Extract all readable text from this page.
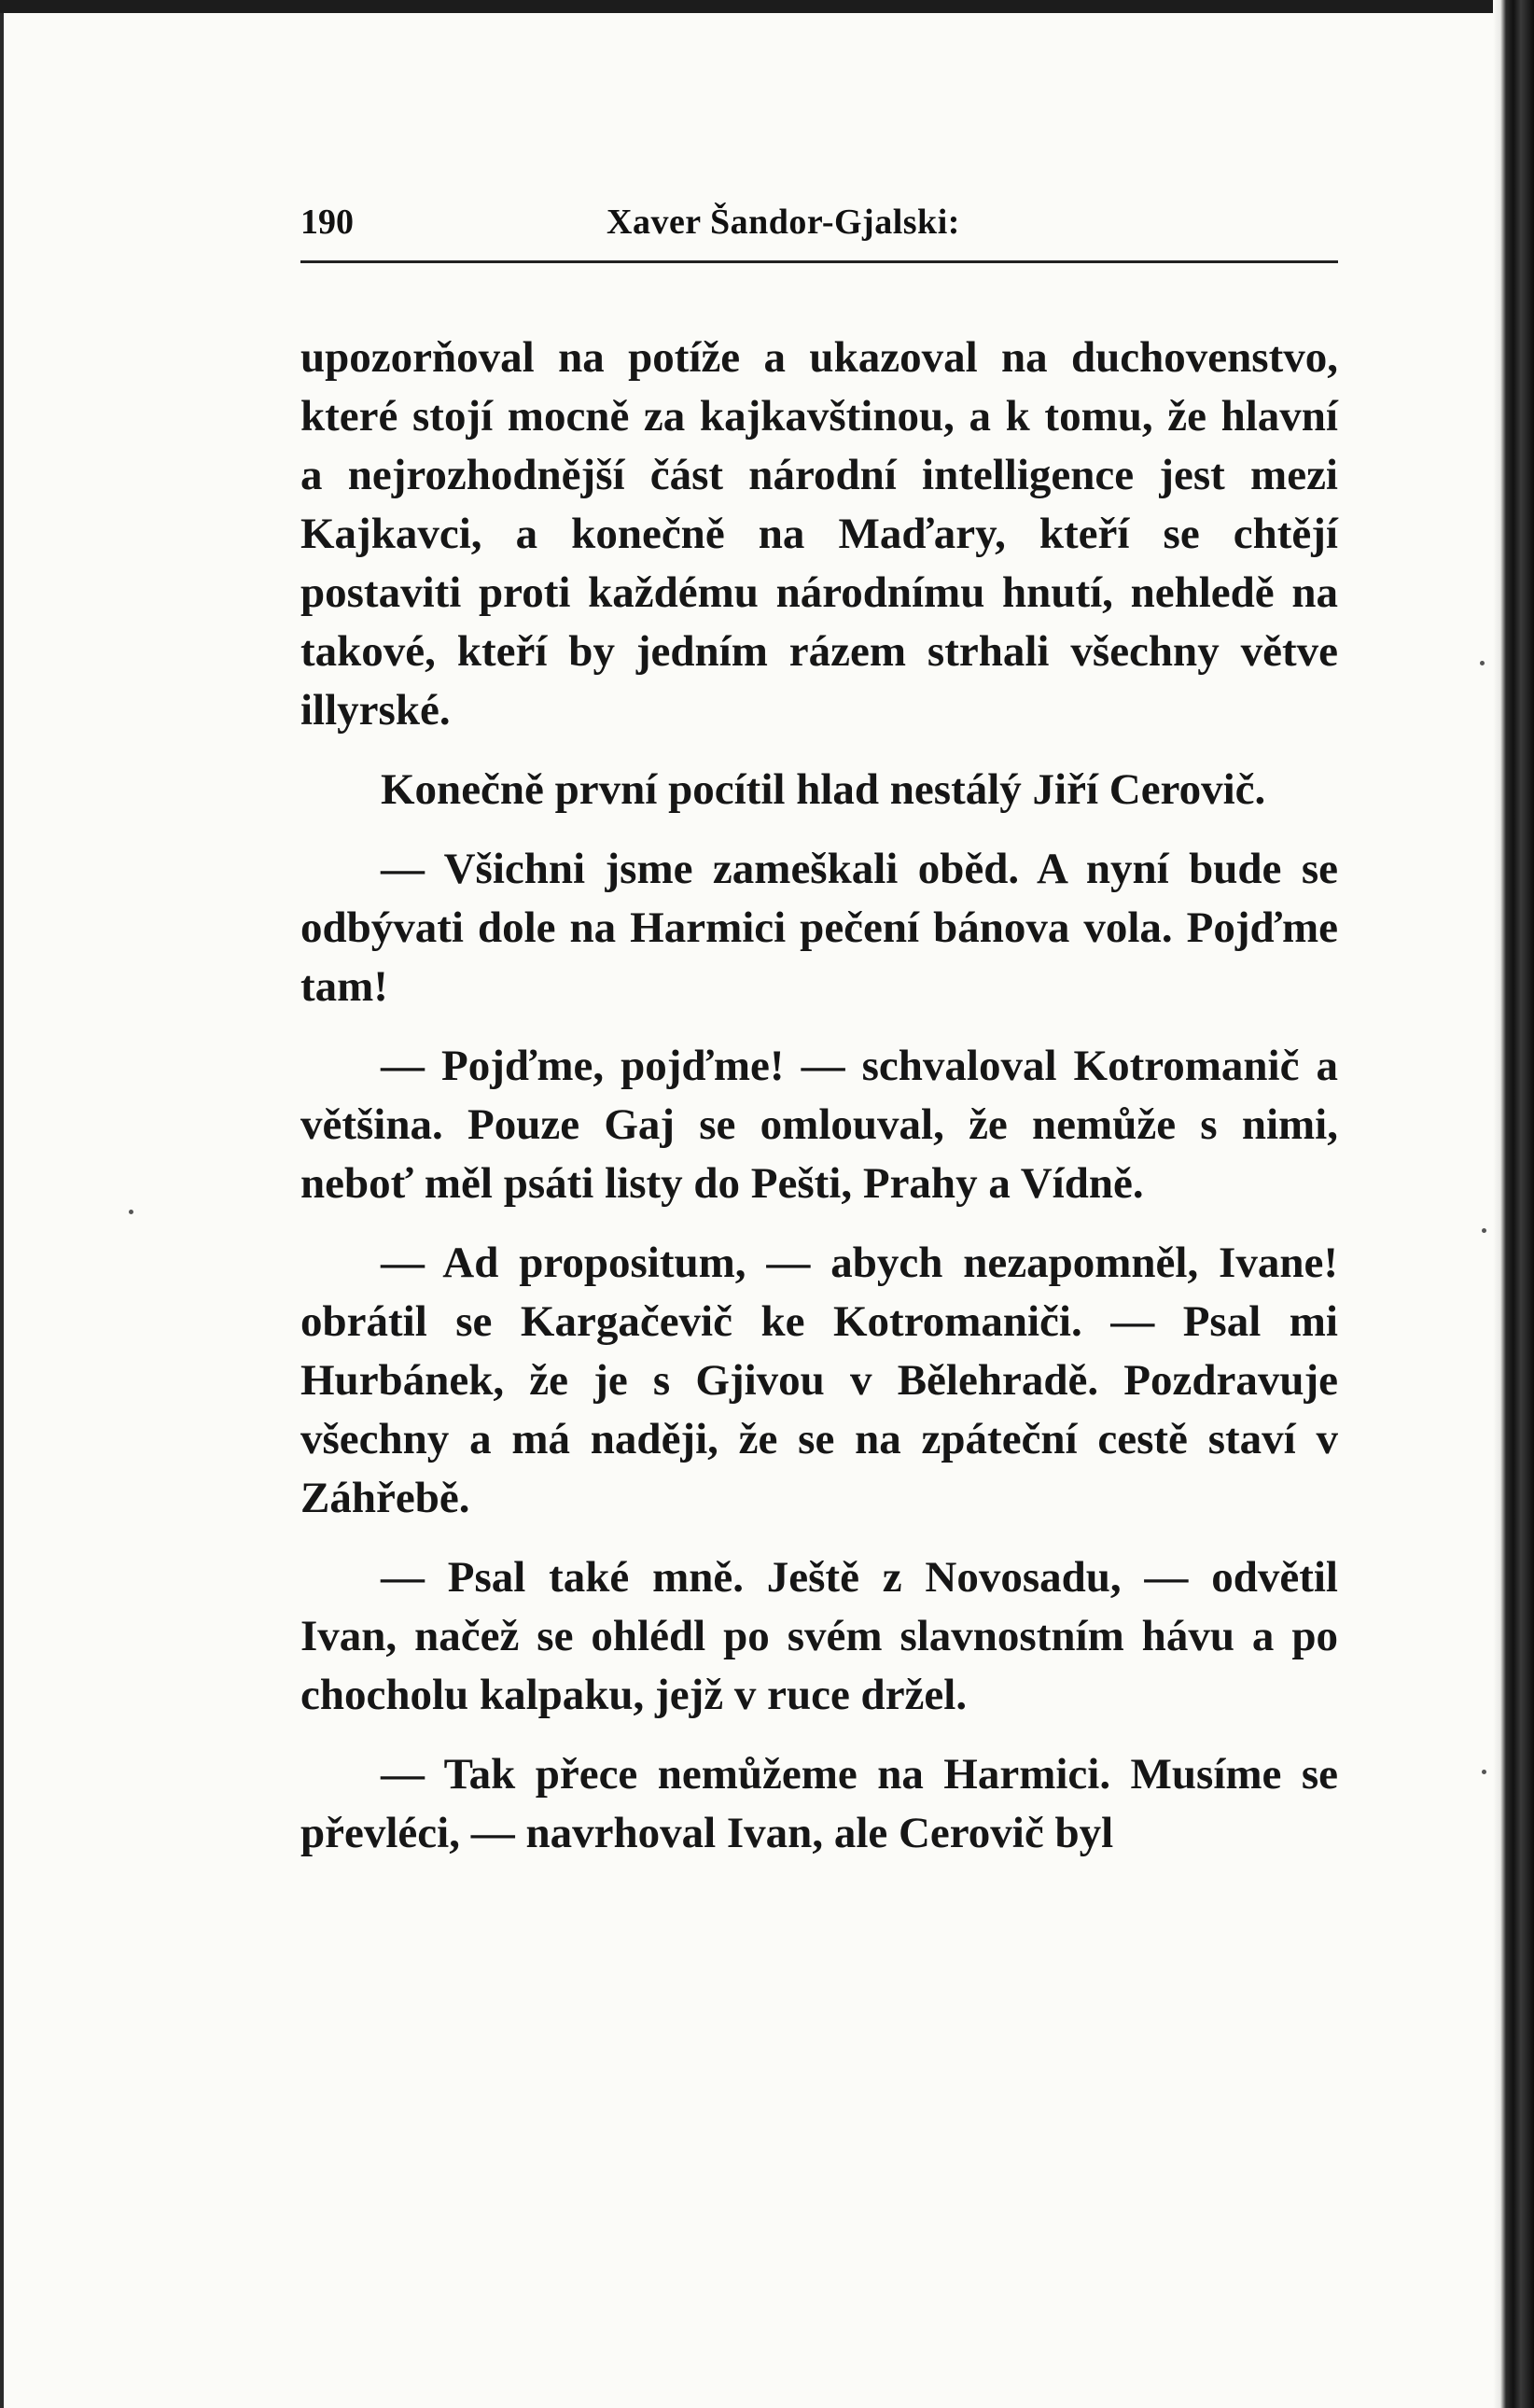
190	Xaver Šandor-Gjalski:

upozorňoval na potíže a ukazoval na duchovenstvo, které stojí mocně za kajkavštinou, a k tomu, že hlavní a nejrozhodnější část národní intelligence jest mezi Kajkavci, a konečně na Maďary, kteří se chtějí postaviti proti každému národnímu hnutí, nehledě na takové, kteří by jedním rázem strhali všechny větve illyrské.

Konečně první pocítil hlad nestálý Jiří Cerovič.

— Všichni jsme zameškali oběd. A nyní bude se odbývati dole na Harmici pečení bánova vola. Pojďme tam!

— Pojďme, pojďme! — schvaloval Kotromanič a většina. Pouze Gaj se omlouval, že nemůže s nimi, neboť měl psáti listy do Pešti, Prahy a Vídně.

— Ad propositum, — abych nezapomněl, Ivane! obrátil se Kargačevič ke Kotromaniči. — Psal mi Hurbánek, že je s Gjivou v Bělehradě. Pozdravuje všechny a má naději, že se na zpáteční cestě staví v Záhřebě.

— Psal také mně. Ještě z Novosadu, — odvětil Ivan, načež se ohlédl po svém slavnostním hávu a po chocholu kalpaku, jejž v ruce držel.

— Tak přece nemůžeme na Harmici. Musíme se převléci, — navrhoval Ivan, ale Cerovič byl
